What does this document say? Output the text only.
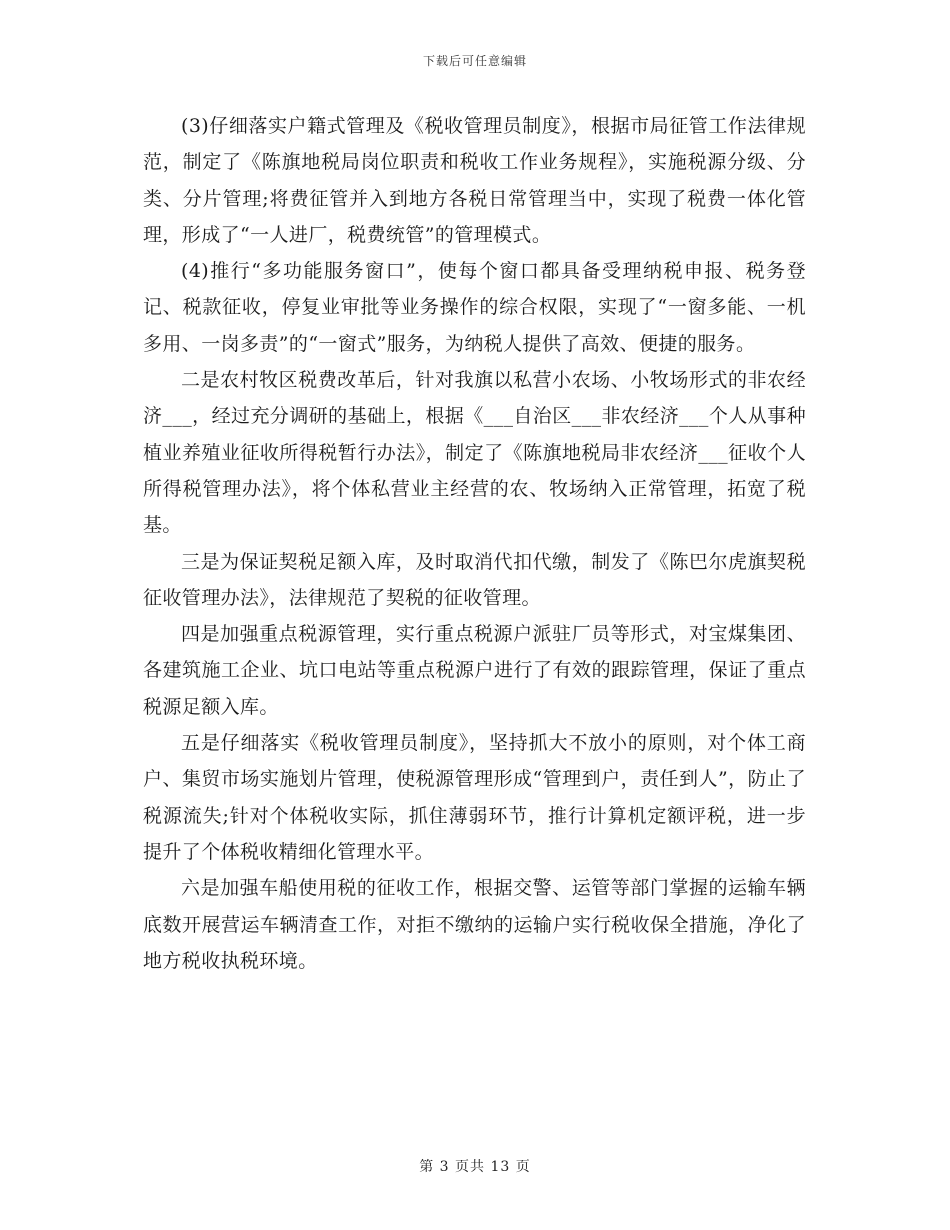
下载后可任意编辑

(3)仔细落实户籍式管理及《税收管理员制度》，根据市局征管工作法律规范，制定了《陈旗地税局岗位职责和税收工作业务规程》，实施税源分级、分类、分片管理;将费征管并入到地方各税日常管理当中，实现了税费一体化管理，形成了“一人进厂，税费统管”的管理模式。

(4)推行“多功能服务窗口”，使每个窗口都具备受理纳税申报、税务登记、税款征收，停复业审批等业务操作的综合权限，实现了“一窗多能、一机多用、一岗多责”的“一窗式”服务，为纳税人提供了高效、便捷的服务。

二是农村牧区税费改革后，针对我旗以私营小农场、小牧场形式的非农经济___，经过充分调研的基础上，根据《___自治区___非农经济___个人从事种植业养殖业征收所得税暂行办法》，制定了《陈旗地税局非农经济___征收个人所得税管理办法》，将个体私营业主经营的农、牧场纳入正常管理，拓宽了税基。

三是为保证契税足额入库，及时取消代扣代缴，制发了《陈巴尔虎旗契税征收管理办法》，法律规范了契税的征收管理。

四是加强重点税源管理，实行重点税源户派驻厂员等形式，对宝煤集团、各建筑施工企业、坑口电站等重点税源户进行了有效的跟踪管理，保证了重点税源足额入库。

五是仔细落实《税收管理员制度》，坚持抓大不放小的原则，对个体工商户、集贸市场实施划片管理，使税源管理形成“管理到户，责任到人”，防止了税源流失;针对个体税收实际，抓住薄弱环节，推行计算机定额评税，进一步提升了个体税收精细化管理水平。

六是加强车船使用税的征收工作，根据交警、运管等部门掌握的运输车辆底数开展营运车辆清查工作，对拒不缴纳的运输户实行税收保全措施，净化了地方税收执税环境。

第 3 页共 13 页
